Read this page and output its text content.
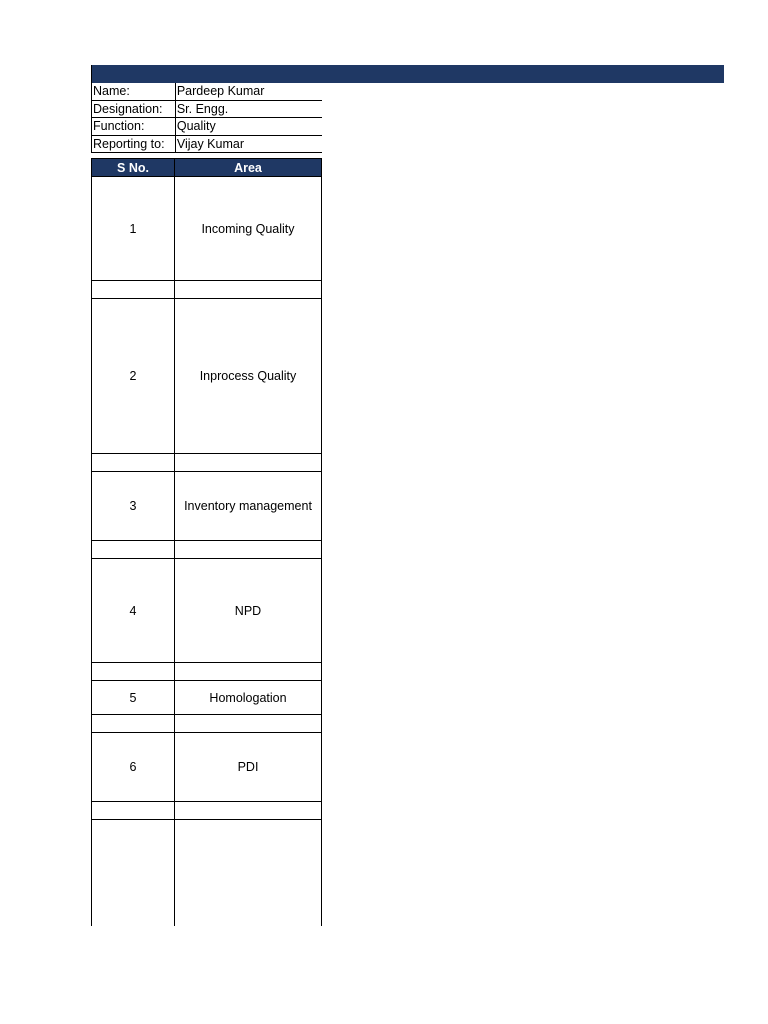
Name:	Pardeep Kumar
Designation:	Sr. Engg.
Function:	Quality
Reporting to:	Vijay Kumar
S No.	Area
1	Incoming Quality

2	Inprocess Quality

3	Inventory management

4	NPD

5	Homologation

6	PDI
